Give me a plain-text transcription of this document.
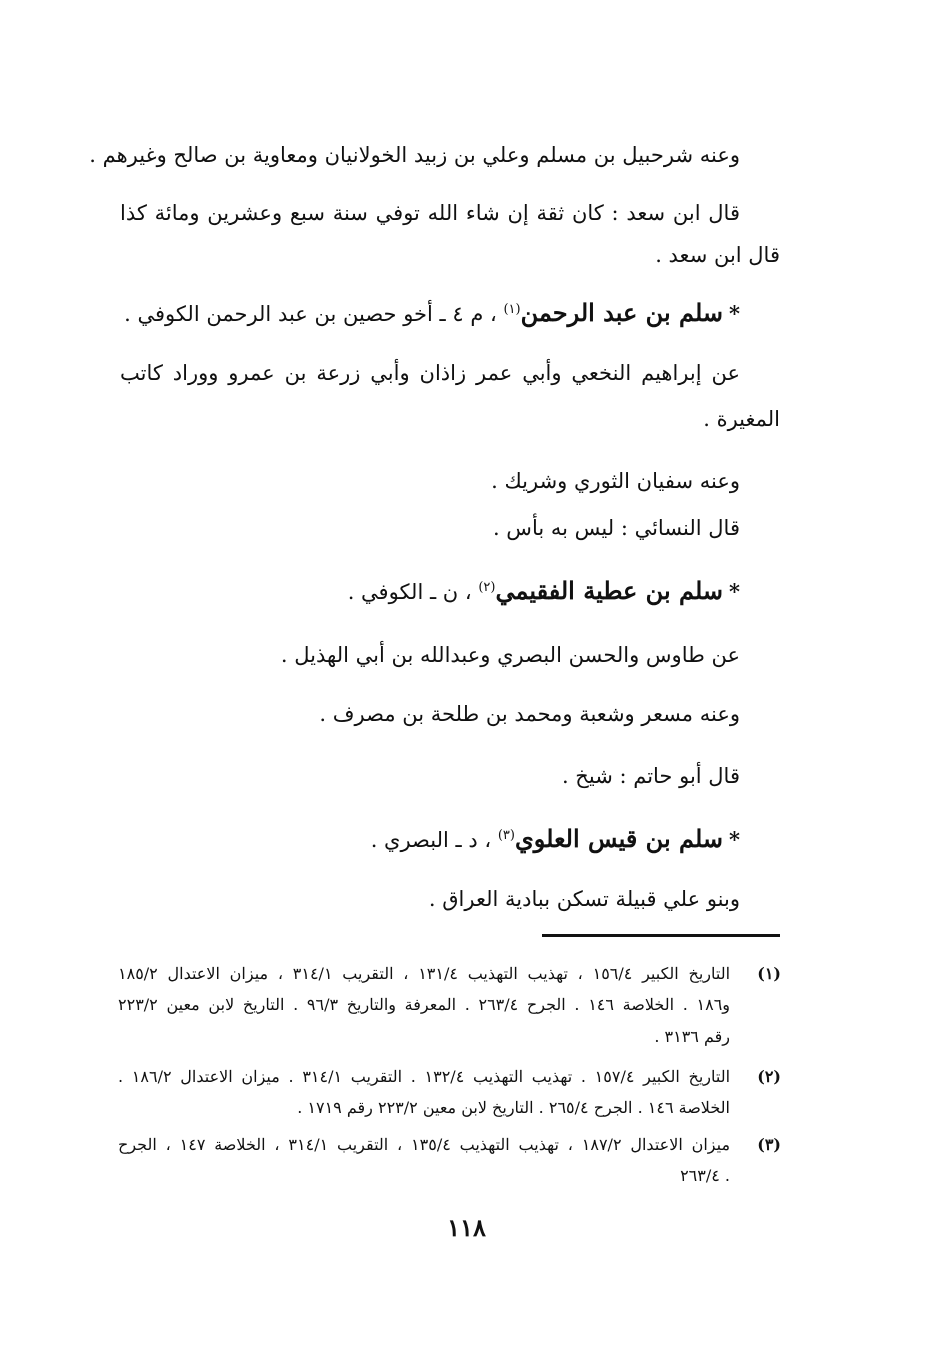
وعنه شرحبيل بن مسلم وعلي بن زبيد الخولانيان ومعاوية بن صالح وغيرهم .
قال ابن سعد : كان ثقة إن شاء الله توفي سنة سبع وعشرين ومائة كذا
قال ابن سعد .
*سلم بن عبد الرحمن$^{(١)}$ ، م ٤ ـ أخو حصين بن عبد الرحمن الكوفي .
عن إبراهيم النخعي وأبي عمر زاذان وأبي زرعة بن عمرو ووراد كاتب
المغيرة .
وعنه سفيان الثوري وشريك .
قال النسائي : ليس به بأس .
*سلم بن عطية الفقيمي$^{(٢)}$ ، ن ـ الكوفي .
عن طاوس والحسن البصري وعبدالله بن أبي الهذيل .
وعنه مسعر وشعبة ومحمد بن طلحة بن مصرف .
قال أبو حاتم : شيخ .
*سلم بن قيس العلوي$^{(٣)}$ ، د ـ البصري .
وبنو علي قبيلة تسكن ببادية العراق .
(١)
التاريخ الكبير ١٥٦/٤ ، تهذيب التهذيب ١٣١/٤ ، التقريب ٣١٤/١ ، ميزان الاعتدال ١٨٥/٢
و١٨٦ . الخلاصة ١٤٦ . الجرح ٢٦٣/٤ . المعرفة والتاريخ ٩٦/٣ . التاريخ لابن معين ٢٢٣/٢
رقم ٣١٣٦ .
(٢)
التاريخ الكبير ١٥٧/٤ . تهذيب التهذيب ١٣٢/٤ . التقريب ٣١٤/١ . ميزان الاعتدال ١٨٦/٢ .
الخلاصة ١٤٦ . الجرح ٢٦٥/٤ . التاريخ لابن معين ٢٢٣/٢ رقم ١٧١٩ .
(٣)
ميزان الاعتدال ١٨٧/٢ ، تهذيب التهذيب ١٣٥/٤ ، التقريب ٣١٤/١ ، الخلاصة ١٤٧ ، الجرح
٢٦٣/٤ .
١١٨
